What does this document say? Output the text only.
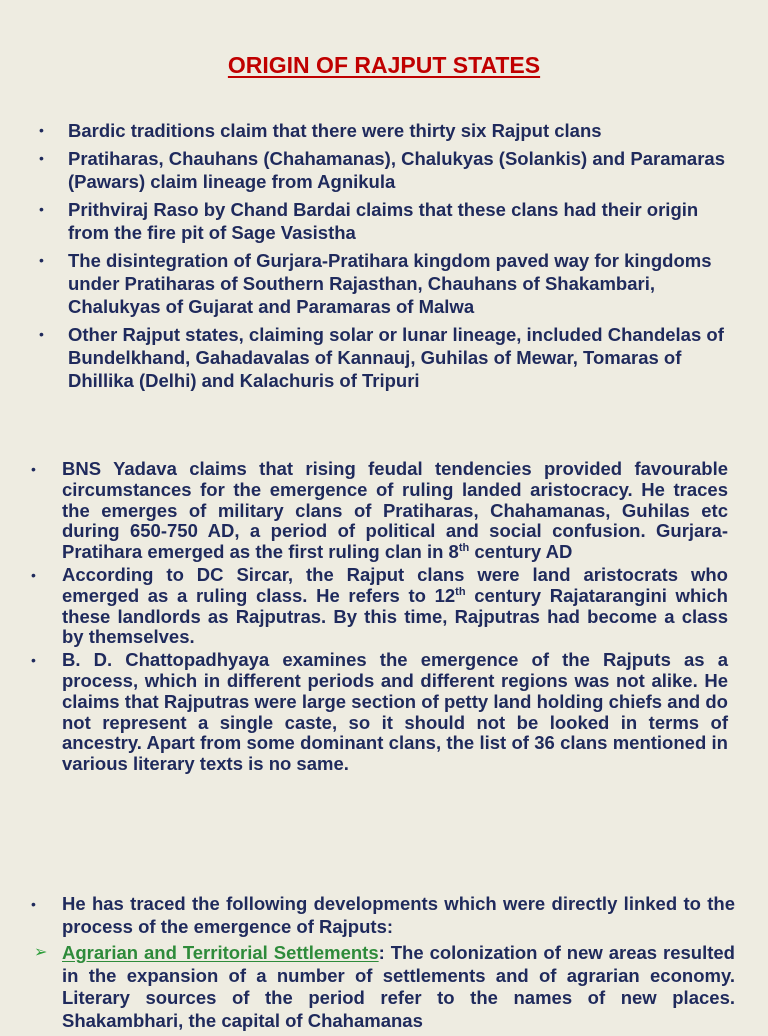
ORIGIN OF RAJPUT STATES
• Bardic traditions claim that there were thirty six Rajput clans
• Pratiharas, Chauhans (Chahamanas), Chalukyas (Solankis) and Paramaras (Pawars) claim lineage from Agnikula
• Prithviraj Raso by Chand Bardai claims that these clans had their origin from the fire pit of Sage Vasistha
• The disintegration of Gurjara-Pratihara kingdom paved way for kingdoms under Pratiharas of Southern Rajasthan, Chauhans of Shakambari, Chalukyas of Gujarat and Paramaras of Malwa
• Other Rajput states, claiming solar or lunar lineage, included Chandelas of Bundelkhand, Gahadavalas of Kannauj, Guhilas of Mewar, Tomaras of Dhillika (Delhi) and Kalachuris of Tripuri
• BNS Yadava claims that rising feudal tendencies provided favourable circumstances for the emergence of ruling landed aristocracy. He traces the emerges of military clans of Pratiharas, Chahamanas, Guhilas etc during 650-750 AD, a period of political and social confusion. Gurjara-Pratihara emerged as the first ruling clan in 8th century AD
• According to DC Sircar, the Rajput clans were land aristocrats who emerged as a ruling class. He refers to 12th century Rajatarangini which these landlords as Rajputras. By this time, Rajputras had become a class by themselves.
• B. D. Chattopadhyaya examines the emergence of the Rajputs as a process, which in different periods and different regions was not alike. He claims that Rajputras were large section of petty land holding chiefs and do not represent a single caste, so it should not be looked in terms of ancestry. Apart from some dominant clans, the list of 36 clans mentioned in various literary texts is no same.
• He has traced the following developments which were directly linked to the process of the emergence of Rajputs:
➢ Agrarian and Territorial Settlements: The colonization of new areas resulted in the expansion of a number of settlements and of agrarian economy. Literary sources of the period refer to the names of new places. Shakambhari, the capital of Chahamanas
